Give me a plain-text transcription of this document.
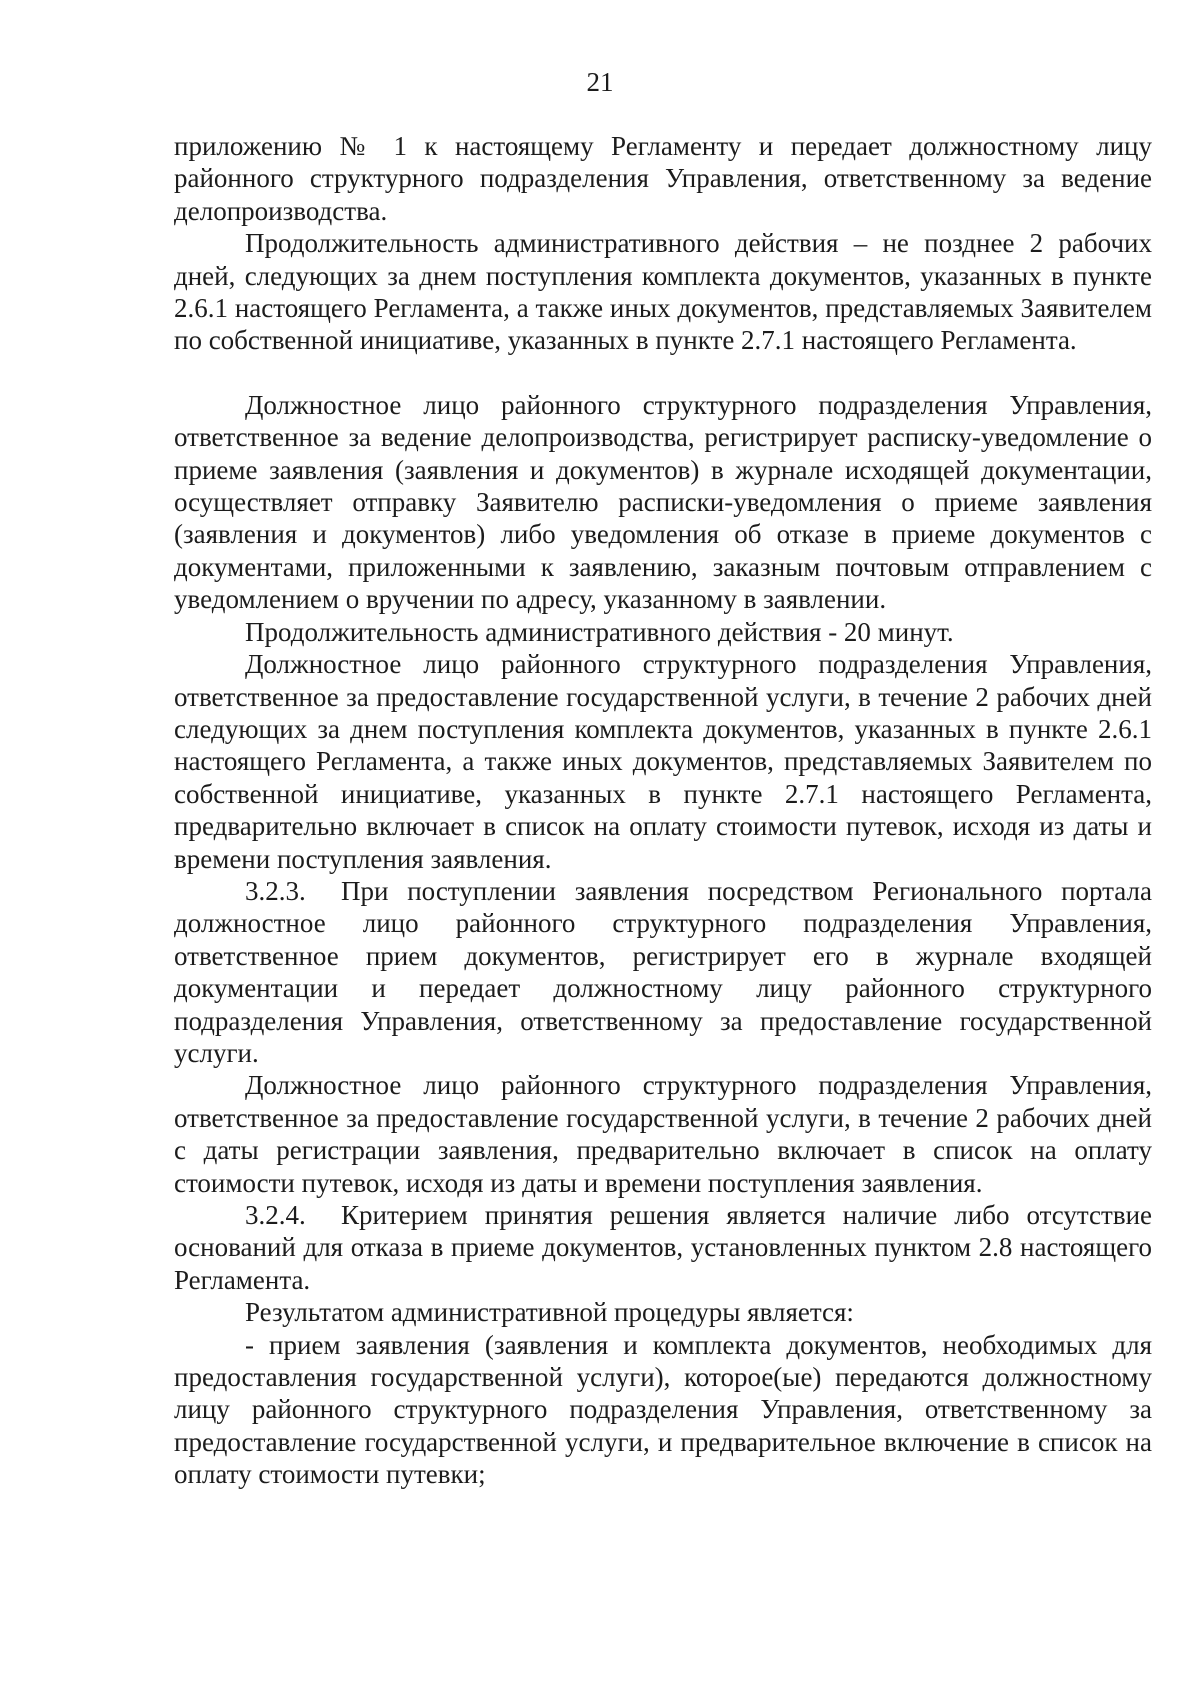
21

приложению № 1 к настоящему Регламенту и передает должностному лицу районного структурного подразделения Управления, ответственному за ведение делопроизводства.

Продолжительность административного действия – не позднее 2 рабочих дней, следующих за днем поступления комплекта документов, указанных в пункте 2.6.1 настоящего Регламента, а также иных документов, представляемых Заявителем по собственной инициативе, указанных в пункте 2.7.1 настоящего Регламента.

Должностное лицо районного структурного подразделения Управления, ответственное за ведение делопроизводства, регистрирует расписку-уведомление о приеме заявления (заявления и документов) в журнале исходящей документации, осуществляет отправку Заявителю расписки-уведомления о приеме заявления (заявления и документов) либо уведомления об отказе в приеме документов с документами, приложенными к заявлению, заказным почтовым отправлением с уведомлением о вручении по адресу, указанному в заявлении.

Продолжительность административного действия - 20 минут.

Должностное лицо районного структурного подразделения Управления, ответственное за предоставление государственной услуги, в течение 2 рабочих дней следующих за днем поступления комплекта документов, указанных в пункте 2.6.1 настоящего Регламента, а также иных документов, представляемых Заявителем по собственной инициативе, указанных в пункте 2.7.1 настоящего Регламента, предварительно включает в список на оплату стоимости путевок, исходя из даты и времени поступления заявления.

3.2.3. При поступлении заявления посредством Регионального портала должностное лицо районного структурного подразделения Управления, ответственное прием документов, регистрирует его в журнале входящей документации и передает должностному лицу районного структурного подразделения Управления, ответственному за предоставление государственной услуги.

Должностное лицо районного структурного подразделения Управления, ответственное за предоставление государственной услуги, в течение 2 рабочих дней с даты регистрации заявления, предварительно включает в список на оплату стоимости путевок, исходя из даты и времени поступления заявления.

3.2.4. Критерием принятия решения является наличие либо отсутствие оснований для отказа в приеме документов, установленных пунктом 2.8 настоящего Регламента.

Результатом административной процедуры является:

- прием заявления (заявления и комплекта документов, необходимых для предоставления государственной услуги), которое(ые) передаются должностному лицу районного структурного подразделения Управления, ответственному за предоставление государственной услуги, и предварительное включение в список на оплату стоимости путевки;
